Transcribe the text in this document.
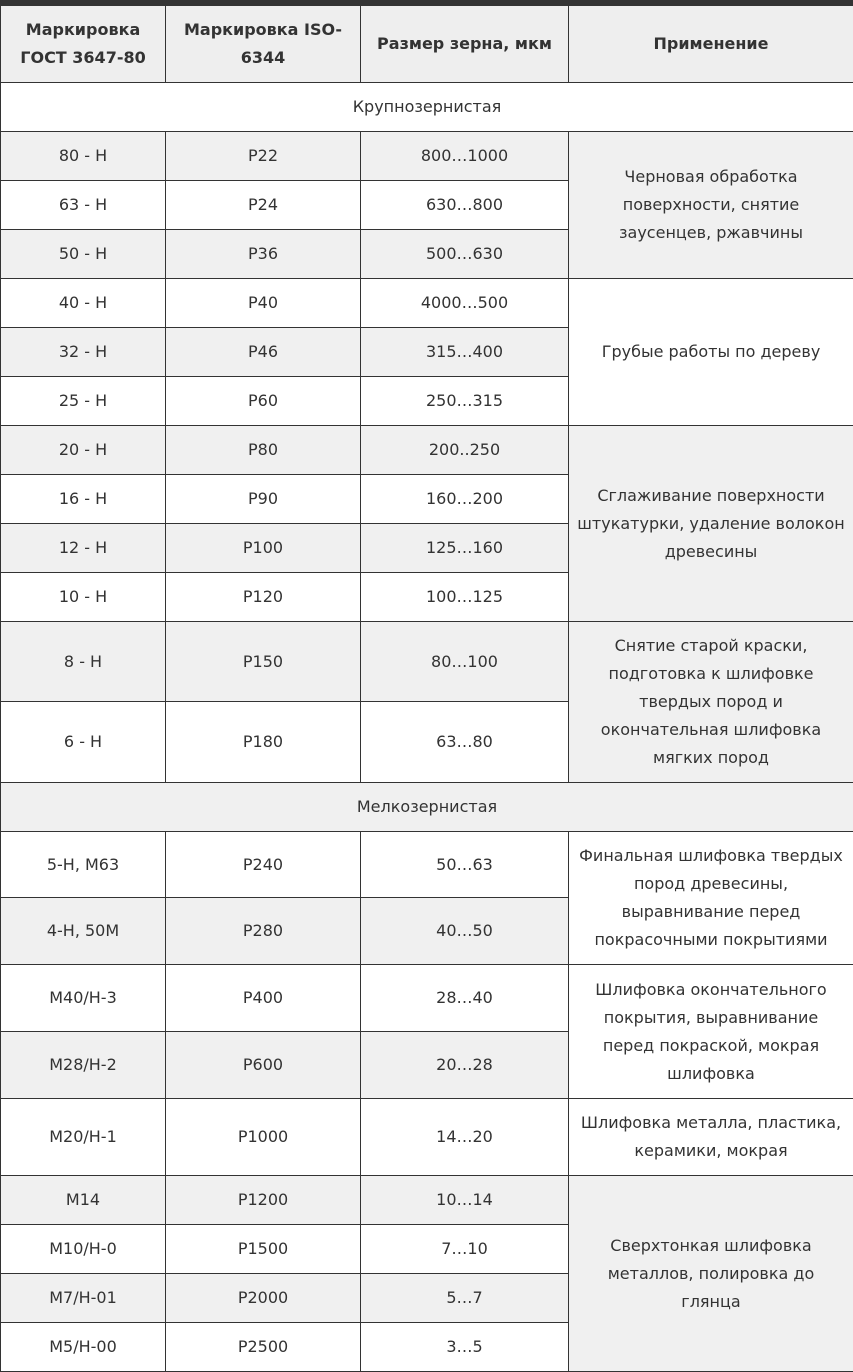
Маркировка ГОСТ 3647-80	Маркировка ISO-6344	Размер зерна, мкм	Применение
Крупнозернистая			
80 - Н	P22	800…1000	Черновая обработка поверхности, снятие заусенцев, ржавчины
63 - Н	P24	630…800	
50 - Н	P36	500…630	
40 - Н	P40	4000…500	Грубые работы по дереву
32 - Н	P46	315…400	
25 - Н	P60	250…315	
20 - Н	P80	200..250	Сглаживание поверхности штукатурки, удаление волокон древесины
16 - Н	P90	160…200	
12 - Н	P100	125…160	
10 - Н	P120	100…125	
8 - Н	P150	80…100	Снятие старой краски, подготовка к шлифовке твердых пород и окончательная шлифовка мягких пород
6 - Н	P180	63…80	
Мелкозернистая			
5-Н, М63	P240	50…63	Финальная шлифовка твердых пород древесины, выравнивание перед покрасочными покрытиями
4-Н, 50М	P280	40…50	
М40/Н-3	P400	28…40	Шлифовка окончательного покрытия, выравнивание перед покраской, мокрая шлифовка
М28/Н-2	P600	20…28	
М20/Н-1	P1000	14…20	Шлифовка металла, пластика, керамики, мокрая
М14	P1200	10…14	Сверхтонкая шлифовка металлов, полировка до глянца
М10/Н-0	P1500	7…10	
М7/Н-01	P2000	5…7	
М5/Н-00	P2500	3…5	
